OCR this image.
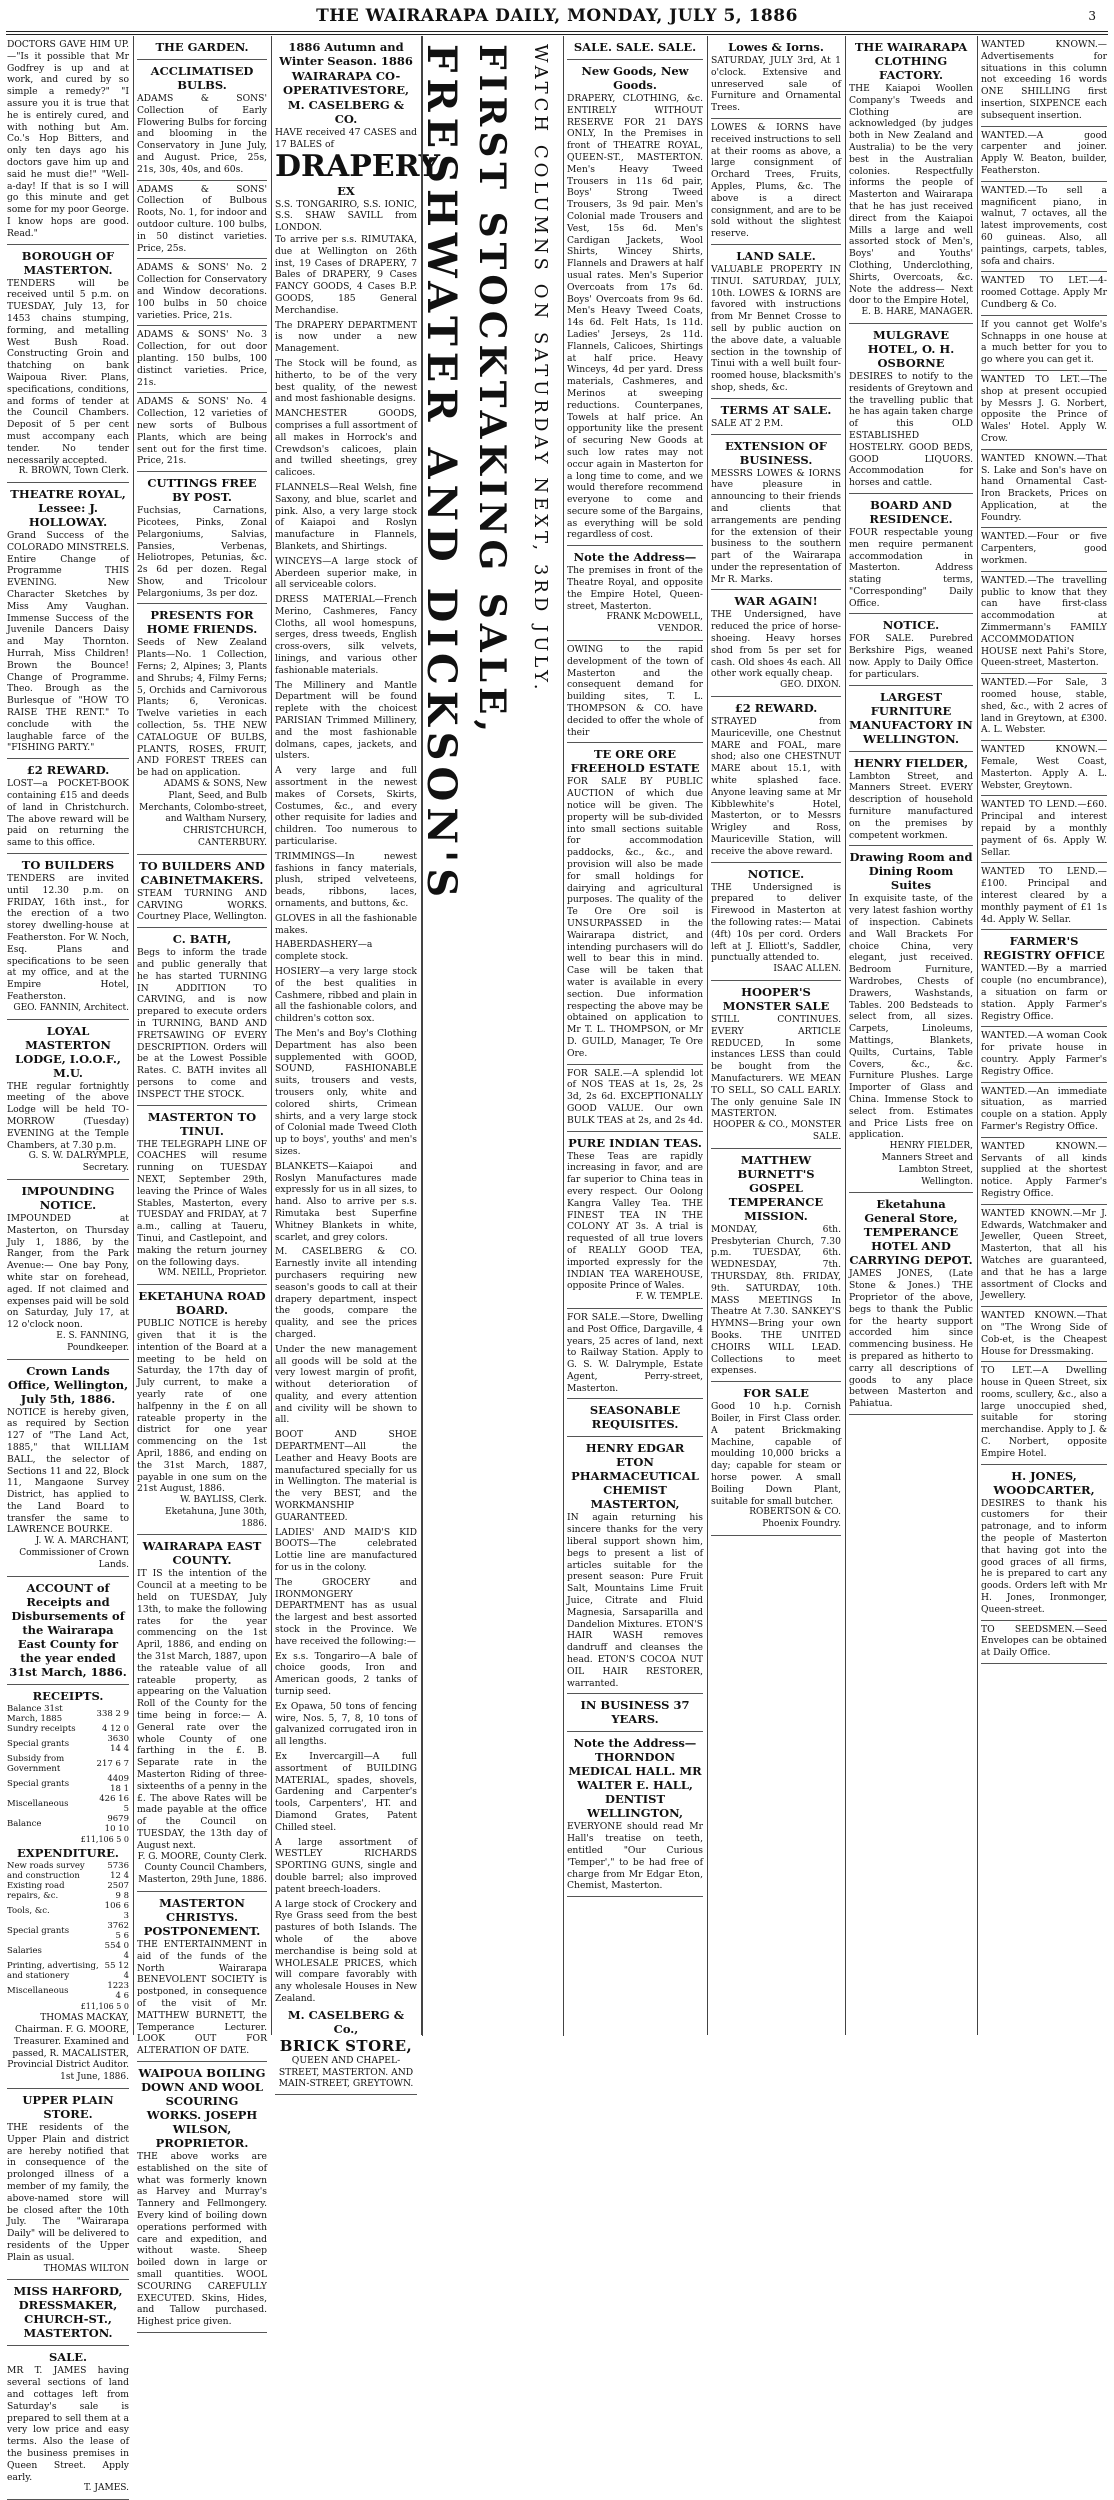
THE WAIRARAPA DAILY, MONDAY, JULY 5, 1886	3

DOCTORS GAVE HIM UP.—"Is it possible that Mr Godfrey is up and at work, and cured by so simple a remedy?" "I assure you it is true that he is entirely cured, and with nothing but Am. Co.'s Hop Bitters, and only ten days ago his doctors gave him up and said he must die!" "Well-a-day! If that is so I will go this minute and get some for my poor George. I know hops are good. Read."

BOROUGH OF MASTERTON.

TENDERS will be received until 5 p.m. on TUESDAY, July 13, for 1453 chains stumping, forming, and metalling West Bush Road. Constructing Groin and thatching on bank Waipoua River. Plans, specifications, conditions, and forms of tender at the Council Chambers. Deposit of 5 per cent must accompany each tender. No tender necessarily accepted.

R. BROWN, Town Clerk.

THEATRE ROYAL, Lessee: J. HOLLOWAY.

Grand Success of the COLORADO MINSTRELS. Entire Change of Programme THIS EVENING. New Character Sketches by Miss Amy Vaughan. Immense Success of the Juvenile Dancers Daisy and May Thornton. Hurrah, Miss Children! Brown the Bounce! Change of Programme. Theo. Brough as the Burlesque of "HOW TO RAISE THE RENT." To conclude with the laughable farce of the "FISHING PARTY."

£2 REWARD.

LOST—a POCKET-BOOK containing £15 and deeds of land in Christchurch. The above reward will be paid on returning the same to this office.

TO BUILDERS

TENDERS are invited until 12.30 p.m. on FRIDAY, 16th inst., for the erection of a two storey dwelling-house at Featherston. For W. Noch, Esq. Plans and specifications to be seen at my office, and at the Empire Hotel, Featherston.

GEO. FANNIN, Architect.

LOYAL MASTERTON LODGE, I.O.O.F., M.U.

THE regular fortnightly meeting of the above Lodge will be held TO-MORROW (Tuesday) EVENING at the Temple Chambers, at 7.30 p.m.

G. S. W. DALRYMPLE, Secretary.

IMPOUNDING NOTICE.

IMPOUNDED at Masterton, on Thursday July 1, 1886, by the Ranger, from the Park Avenue:— One bay Pony, white star on forehead, aged. If not claimed and expenses paid will be sold on Saturday, July 17, at 12 o'clock noon.

E. S. FANNING, Poundkeeper.

Crown Lands Office, Wellington, July 5th, 1886.

NOTICE is hereby given, as required by Section 127 of "The Land Act, 1885," that WILLIAM BALL, the selector of Sections 11 and 22, Block 11, Mangaone Survey District, has applied to the Land Board to transfer the same to LAWRENCE BOURKE.

J. W. A. MARCHANT, Commissioner of Crown Lands.

ACCOUNT of Receipts and Disbursements of the Wairarapa East County for the year ended 31st March, 1886.
RECEIPTS.
Balance 31st March, 1885	338 2 9
Sundry receipts	4 12 0
Special grants	3630 14 4
Subsidy from Government	217 6 7
Special grants	4409 18 1
Miscellaneous	426 16 5
Balance	9679 10 10
£11,106 5 0
EXPENDITURE.
New roads survey and construction	5736 12 4
Existing road repairs, &c.	2507 9 8
Tools, &c.	106 6 3
Special grants	3762 5 6
Salaries	554 0 4
Printing, advertising, and stationery	55 12 4
Miscellaneous	1223 4 6
£11,106 5 0

THOMAS MACKAY, Chairman. F. G. MOORE, Treasurer. Examined and passed, R. MACALISTER, Provincial District Auditor. 1st June, 1886.

UPPER PLAIN STORE.

THE residents of the Upper Plain and district are hereby notified that in consequence of the prolonged illness of a member of my family, the above-named store will be closed after the 10th July. The "Wairarapa Daily" will be delivered to residents of the Upper Plain as usual.

THOMAS WILTON

MISS HARFORD, DRESSMAKER, CHURCH-ST., MASTERTON.
SALE.

MR T. JAMES having several sections of land and cottages left from Saturday's sale is prepared to sell them at a very low price and easy terms. Also the lease of the business premises in Queen Street. Apply early.

T. JAMES.

THE GARDEN.
ACCLIMATISED BULBS.

ADAMS & SONS' Collection of Early Flowering Bulbs for forcing and blooming in the Conservatory in June July, and August. Price, 25s, 21s, 30s, 40s, and 60s.

ADAMS & SONS' Collection of Bulbous Roots, No. 1, for indoor and outdoor culture. 100 bulbs, in 50 distinct varieties. Price, 25s.

ADAMS & SONS' No. 2 Collection for Conservatory and Window decorations. 100 bulbs in 50 choice varieties. Price, 21s.

ADAMS & SONS' No. 3 Collection, for out door planting. 150 bulbs, 100 distinct varieties. Price, 21s.

ADAMS & SONS' No. 4 Collection, 12 varieties of new sorts of Bulbous Plants, which are being sent out for the first time. Price, 21s.

CUTTINGS FREE BY POST.

Fuchsias, Carnations, Picotees, Pinks, Zonal Pelargoniums, Salvias, Pansies, Verbenas, Heliotropes, Petunias, &c. 2s 6d per dozen. Regal Show, and Tricolour Pelargoniums, 3s per doz.

PRESENTS FOR HOME FRIENDS.

Seeds of New Zealand Plants—No. 1 Collection, Ferns; 2, Alpines; 3, Plants and Shrubs; 4, Filmy Ferns; 5, Orchids and Carnivorous Plants; 6, Veronicas. Twelve varieties in each collection, 5s. THE NEW CATALOGUE OF BULBS, PLANTS, ROSES, FRUIT, AND FOREST TREES can be had on application.

ADAMS & SONS, New Plant, Seed, and Bulb Merchants, Colombo-street, and Waltham Nursery, CHRISTCHURCH, CANTERBURY.

TO BUILDERS AND CABINETMAKERS.

STEAM TURNING AND CARVING WORKS. Courtney Place, Wellington.

C. BATH,

Begs to inform the trade and public generally that he has started TURNING IN ADDITION TO CARVING, and is now prepared to execute orders in TURNING, BAND AND FRETSAWING OF EVERY DESCRIPTION. Orders will be at the Lowest Possible Rates. C. BATH invites all persons to come and INSPECT THE STOCK.

MASTERTON TO TINUI.

THE TELEGRAPH LINE OF COACHES will resume running on TUESDAY NEXT, September 29th, leaving the Prince of Wales Stables, Masterton, every TUESDAY and FRIDAY, at 7 a.m., calling at Taueru, Tinui, and Castlepoint, and making the return journey on the following days.

WM. NEILL, Proprietor.

EKETAHUNA ROAD BOARD.

PUBLIC NOTICE is hereby given that it is the intention of the Board at a meeting to be held on Saturday, the 17th day of July current, to make a yearly rate of one halfpenny in the £ on all rateable property in the district for one year commencing on the 1st April, 1886, and ending on the 31st March, 1887, payable in one sum on the 21st August, 1886.

W. BAYLISS, Clerk. Eketahuna, June 30th, 1886.

WAIRARAPA EAST COUNTY.

IT IS the intention of the Council at a meeting to be held on TUESDAY, July 13th, to make the following rates for the year commencing on the 1st April, 1886, and ending on the 31st March, 1887, upon the rateable value of all rateable property, as appearing on the Valuation Roll of the County for the time being in force:— A. General rate over the whole County of one farthing in the £. B. Separate rate in the Masterton Riding of three-sixteenths of a penny in the £. The above Rates will be made payable at the office of the Council on TUESDAY, the 13th day of August next.

F. G. MOORE, County Clerk. County Council Chambers, Masterton, 29th June, 1886.

MASTERTON CHRISTYS. POSTPONEMENT.

THE ENTERTAINMENT in aid of the funds of the North Wairarapa BENEVOLENT SOCIETY is postponed, in consequence of the visit of Mr. MATTHEW BURNETT, the Temperance Lecturer. LOOK OUT FOR ALTERATION OF DATE.

WAIPOUA BOILING DOWN AND WOOL SCOURING WORKS. JOSEPH WILSON, PROPRIETOR.

THE above works are established on the site of what was formerly known as Harvey and Murray's Tannery and Fellmongery. Every kind of boiling down operations performed with care and expedition, and without waste. Sheep boiled down in large or small quantities. WOOL SCOURING CAREFULLY EXECUTED. Skins, Hides, and Tallow purchased. Highest price given.

1886 Autumn and Winter Season. 1886
WAIRARAPA CO-OPERATIVESTORE,
M. CASELBERG & CO.

HAVE received 47 CASES and 17 BALES of

DRAPERY
EX

S.S. TONGARIRO, S.S. IONIC, S.S. SHAW SAVILL from LONDON.

To arrive per s.s. RIMUTAKA, due at Wellington on 26th inst, 19 Cases of DRAPERY, 7 Bales of DRAPERY, 9 Cases FANCY GOODS, 4 Cases B.P. GOODS, 185 General Merchandise.

The DRAPERY DEPARTMENT is now under a new Management.

The Stock will be found, as hitherto, to be of the very best quality, of the newest and most fashionable designs.

MANCHESTER GOODS, comprises a full assortment of all makes in Horrock's and Crewdson's calicoes, plain and twilled sheetings, grey calicoes.

FLANNELS—Real Welsh, fine Saxony, and blue, scarlet and pink. Also, a very large stock of Kaiapoi and Roslyn manufacture in Flannels, Blankets, and Shirtings.

WINCEYS—A large stock of Aberdeen superior make, in all serviceable colors.

DRESS MATERIAL—French Merino, Cashmeres, Fancy Cloths, all wool homespuns, serges, dress tweeds, English cross-overs, silk velvets, linings, and various other fashionable materials.

The Millinery and Mantle Department will be found replete with the choicest PARISIAN Trimmed Millinery, and the most fashionable dolmans, capes, jackets, and ulsters.

A very large and full assortment in the newest makes of Corsets, Skirts, Costumes, &c., and every other requisite for ladies and children. Too numerous to particularise.

TRIMMINGS—In newest fashions in fancy materials, plush, striped velveteens, beads, ribbons, laces, ornaments, and buttons, &c.

GLOVES in all the fashionable makes.

HABERDASHERY—a complete stock.

HOSIERY—a very large stock of the best qualities in Cashmere, ribbed and plain in all the fashionable colors, and children's cotton sox.

The Men's and Boy's Clothing Department has also been supplemented with GOOD, SOUND, FASHIONABLE suits, trousers and vests, trousers only, white and colored shirts, Crimean shirts, and a very large stock of Colonial made Tweed Cloth up to boys', youths' and men's sizes.

BLANKETS—Kaiapoi and Roslyn Manufactures made expressly for us in all sizes, to hand. Also to arrive per s.s. Rimutaka best Superfine Whitney Blankets in white, scarlet, and grey colors.

M. CASELBERG & CO. Earnestly invite all intending purchasers requiring new season's goods to call at their drapery department, inspect the goods, compare the quality, and see the prices charged.

Under the new management all goods will be sold at the very lowest margin of profit, without deterioration of quality, and every attention and civility will be shown to all.

BOOT AND SHOE DEPARTMENT—All the Leather and Heavy Boots are manufactured specially for us in Wellington. The material is the very BEST, and the WORKMANSHIP GUARANTEED.

LADIES' AND MAID'S KID BOOTS—The celebrated Lottie line are manufactured for us in the colony.

The GROCERY and IRONMONGERY DEPARTMENT has as usual the largest and best assorted stock in the Province. We have received the following:—

Ex s.s. Tongariro—A bale of choice goods, Iron and American goods, 2 tanks of turnip seed.

Ex Opawa, 50 tons of fencing wire, Nos. 5, 7, 8, 10 tons of galvanized corrugated iron in all lengths.

Ex Invercargill—A full assortment of BUILDING MATERIAL, spades, shovels, Gardening and Carpenter's tools, Carpenters', HT. and Diamond Grates, Patent Chilled steel.

A large assortment of WESTLEY RICHARDS SPORTING GUNS, single and double barrel; also improved patent breech-loaders.

A large stock of Crockery and Rye Grass seed from the best pastures of both Islands. The whole of the above merchandise is being sold at WHOLESALE PRICES, which will compare favorably with any wholesale Houses in New Zealand.

M. CASELBERG & Co.,
BRICK STORE,

QUEEN AND CHAPEL-STREET, MASTERTON. AND MAIN-STREET, GREYTOWN.

FRESHWATER AND DICKSON'S FIRST STOCKTAKING SALE, WATCH COLUMNS ON SATURDAY NEXT, 3RD JULY.	SALE. SALE. SALE.
New Goods, New Goods.

DRAPERY, CLOTHING, &c. ENTIRELY WITHOUT RESERVE FOR 21 DAYS ONLY, In the Premises in front of THEATRE ROYAL, QUEEN-ST., MASTERTON. Men's Heavy Tweed Trousers in 11s 6d pair, Boys' Strong Tweed Trousers, 3s 9d pair. Men's Colonial made Trousers and Vest, 15s 6d. Men's Cardigan Jackets, Wool Shirts, Wincey Shirts, Flannels and Drawers at half usual rates. Men's Superior Overcoats from 17s 6d. Boys' Overcoats from 9s 6d. Men's Heavy Tweed Coats, 14s 6d. Felt Hats, 1s 11d. Ladies' Jerseys, 2s 11d. Flannels, Calicoes, Shirtings at half price. Heavy Winceys, 4d per yard. Dress materials, Cashmeres, and Merinos at sweeping reductions. Counterpanes, Towels at half price. An opportunity like the present of securing New Goods at such low rates may not occur again in Masterton for a long time to come, and we would therefore recommend everyone to come and secure some of the Bargains, as everything will be sold regardless of cost.

Note the Address—

The premises in front of the Theatre Royal, and opposite the Empire Hotel, Queen-street, Masterton.

FRANK McDOWELL, VENDOR.

OWING to the rapid development of the town of Masterton and the consequent demand for building sites, T. L. THOMPSON & CO. have decided to offer the whole of their

TE ORE ORE FREEHOLD ESTATE

FOR SALE BY PUBLIC AUCTION of which due notice will be given. The property will be sub-divided into small sections suitable for accommodation paddocks, &c., &c., and provision will also be made for small holdings for dairying and agricultural purposes. The quality of the Te Ore Ore soil is UNSURPASSED in the Wairarapa district, and intending purchasers will do well to bear this in mind. Case will be taken that water is available in every section. Due information respecting the above may be obtained on application to Mr T. L. THOMPSON, or Mr D. GUILD, Manager, Te Ore Ore.

FOR SALE.—A splendid lot of NOS TEAS at 1s, 2s, 2s 3d, 2s 6d. EXCEPTIONALLY GOOD VALUE. Our own BULK TEAS at 2s, and 2s 4d.

PURE INDIAN TEAS.

These Teas are rapidly increasing in favor, and are far superior to China teas in every respect. Our Oolong Kangra Valley Tea. THE FINEST TEA IN THE COLONY AT 3s. A trial is requested of all true lovers of REALLY GOOD TEA, imported expressly for the INDIAN TEA WAREHOUSE, opposite Prince of Wales.

F. W. TEMPLE.

FOR SALE.—Store, Dwelling and Post Office, Dargaville, 4 years, 25 acres of land, next to Railway Station. Apply to G. S. W. Dalrymple, Estate Agent, Perry-street, Masterton.

SEASONABLE REQUISITES.
HENRY EDGAR ETON PHARMACEUTICAL CHEMIST MASTERTON,

IN again returning his sincere thanks for the very liberal support shown him, begs to present a list of articles suitable for the present season: Pure Fruit Salt, Mountains Lime Fruit Juice, Citrate and Fluid Magnesia, Sarsaparilla and Dandelion Mixtures. ETON'S HAIR WASH removes dandruff and cleanses the head. ETON'S COCOA NUT OIL HAIR RESTORER, warranted.

IN BUSINESS 37 YEARS.
Note the Address— THORNDON MEDICAL HALL. MR WALTER E. HALL, DENTIST WELLINGTON,

EVERYONE should read Mr Hall's treatise on teeth, entitled "Our Curious 'Temper'," to be had free of charge from Mr Edgar Eton, Chemist, Masterton.

Lowes & Iorns.

SATURDAY, JULY 3rd, At 1 o'clock. Extensive and unreserved sale of Furniture and Ornamental Trees.

LOWES & IORNS have received instructions to sell at their rooms as above, a large consignment of Orchard Trees, Fruits, Apples, Plums, &c. The above is a direct consignment, and are to be sold without the slightest reserve.

LAND SALE.

VALUABLE PROPERTY IN TINUI. SATURDAY, JULY, 10th. LOWES & IORNS are favored with instructions from Mr Bennet Crosse to sell by public auction on the above date, a valuable section in the township of Tinui with a well built four-roomed house, blacksmith's shop, sheds, &c.

TERMS AT SALE.

SALE AT 2 P.M.

EXTENSION OF BUSINESS.

MESSRS LOWES & IORNS have pleasure in announcing to their friends and clients that arrangements are pending for the extension of their business to the southern part of the Wairarapa under the representation of Mr R. Marks.

WAR AGAIN!

THE Undersigned, have reduced the price of horse-shoeing. Heavy horses shod from 5s per set for cash. Old shoes 4s each. All other work equally cheap.

GEO. DIXON.

£2 REWARD.

STRAYED from Mauriceville, one Chestnut MARE and FOAL, mare shod; also one CHESTNUT MARE about 15.1, with white splashed face. Anyone leaving same at Mr Kibblewhite's Hotel, Masterton, or to Messrs Wrigley and Ross, Mauriceville Station, will receive the above reward.

NOTICE.

THE Undersigned is prepared to deliver Firewood in Masterton at the following rates:— Matai (4ft) 10s per cord. Orders left at J. Elliott's, Saddler, punctually attended to.

ISAAC ALLEN.

HOOPER'S MONSTER SALE

STILL CONTINUES. EVERY ARTICLE REDUCED, In some instances LESS than could be bought from the Manufacturers. WE MEAN TO SELL, SO CALL EARLY. The only genuine Sale IN MASTERTON.

HOOPER & CO., MONSTER SALE.

MATTHEW BURNETT'S GOSPEL TEMPERANCE MISSION.

MONDAY, 6th. Presbyterian Church, 7.30 p.m. TUESDAY, 6th. WEDNESDAY, 7th. THURSDAY, 8th. FRIDAY, 9th. SATURDAY, 10th. MASS MEETINGS In Theatre At 7.30. SANKEY'S HYMNS—Bring your own Books. THE UNITED CHOIRS WILL LEAD. Collections to meet expenses.

FOR SALE

Good 10 h.p. Cornish Boiler, in First Class order. A patent Brickmaking Machine, capable of moulding 10,000 bricks a day; capable for steam or horse power. A small Boiling Down Plant, suitable for small butcher.

ROBERTSON & CO. Phoenix Foundry.

THE WAIRARAPA CLOTHING FACTORY.

THE Kaiapoi Woollen Company's Tweeds and Clothing are acknowledged (by judges both in New Zealand and Australia) to be the very best in the Australian colonies. Respectfully informs the people of Masterton and Wairarapa that he has just received direct from the Kaiapoi Mills a large and well assorted stock of Men's, Boys' and Youths' Clothing, Underclothing, Shirts, Overcoats, &c. Note the address— Next door to the Empire Hotel,

E. B. HARE, MANAGER.

MULGRAVE HOTEL, O. H. OSBORNE

DESIRES to notify to the residents of Greytown and the travelling public that he has again taken charge of this OLD ESTABLISHED HOSTELRY. GOOD BEDS, GOOD LIQUORS. Accommodation for horses and cattle.

BOARD AND RESIDENCE.

FOUR respectable young men require permanent accommodation in Masterton. Address stating terms, "Corresponding" Daily Office.

NOTICE.

FOR SALE. Purebred Berkshire Pigs, weaned now. Apply to Daily Office for particulars.

LARGEST FURNITURE MANUFACTORY IN WELLINGTON.
HENRY FIELDER,

Lambton Street, and Manners Street. EVERY description of household furniture manufactured on the premises by competent workmen.

Drawing Room and Dining Room Suites

In exquisite taste, of the very latest fashion worthy of inspection. Cabinets and Wall Brackets For choice China, very elegant, just received. Bedroom Furniture, Wardrobes, Chests of Drawers, Washstands, Tables. 200 Bedsteads to select from, all sizes. Carpets, Linoleums, Mattings, Blankets, Quilts, Curtains, Table Covers, &c., &c. Furniture Plushes. Large Importer of Glass and China. Immense Stock to select from. Estimates and Price Lists free on application.

HENRY FIELDER, Manners Street and Lambton Street, Wellington.

Eketahuna General Store, TEMPERANCE HOTEL AND CARRYING DEPOT.

JAMES JONES, (Late Stone & Jones.) THE Proprietor of the above, begs to thank the Public for the hearty support accorded him since commencing business. He is prepared as hitherto to carry all descriptions of goods to any place between Masterton and Pahiatua.

WANTED KNOWN.—Advertisements for situations in this column not exceeding 16 words ONE SHILLING first insertion, SIXPENCE each subsequent insertion.

WANTED.—A good carpenter and joiner. Apply W. Beaton, builder, Featherston.

WANTED.—To sell a magnificent piano, in walnut, 7 octaves, all the latest improvements, cost 60 guineas. Also, all paintings, carpets, tables, sofa and chairs.

WANTED TO LET.—4-roomed Cottage. Apply Mr Cundberg & Co.

If you cannot get Wolfe's Schnapps in one house at a much better for you to go where you can get it.

WANTED TO LET.—The shop at present occupied by Messrs J. G. Norbert, opposite the Prince of Wales' Hotel. Apply W. Crow.

WANTED KNOWN.—That S. Lake and Son's have on hand Ornamental Cast-Iron Brackets, Prices on Application, at the Foundry.

WANTED.—Four or five Carpenters, good workmen.

WANTED.—The travelling public to know that they can have first-class accommodation at Zimmermann's FAMILY ACCOMMODATION HOUSE next Pahi's Store, Queen-street, Masterton.

WANTED.—For Sale, 3 roomed house, stable, shed, &c., with 2 acres of land in Greytown, at £300. A. L. Webster.

WANTED KNOWN.—Female, West Coast, Masterton. Apply A. L. Webster, Greytown.

WANTED TO LEND.—£60. Principal and interest repaid by a monthly payment of 6s. Apply W. Sellar.

WANTED TO LEND.—£100. Principal and interest cleared by a monthly payment of £1 1s 4d. Apply W. Sellar.

FARMER'S REGISTRY OFFICE

WANTED.—By a married couple (no encumbrance), a situation on farm or station. Apply Farmer's Registry Office.

WANTED.—A woman Cook for private house in country. Apply Farmer's Registry Office.

WANTED.—An immediate situation, as married couple on a station. Apply Farmer's Registry Office.

WANTED KNOWN.—Servants of all kinds supplied at the shortest notice. Apply Farmer's Registry Office.

WANTED KNOWN.—Mr J. Edwards, Watchmaker and Jeweller, Queen Street, Masterton, that all his Watches are guaranteed, and that he has a large assortment of Clocks and Jewellery.

WANTED KNOWN.—That on "The Wrong Side of Cob-et, is the Cheapest House for Dressmaking.

TO LET.—A Dwelling house in Queen Street, six rooms, scullery, &c., also a large unoccupied shed, suitable for storing merchandise. Apply to J. & C. Norbert, opposite Empire Hotel.

H. JONES, WOODCARTER,

DESIRES to thank his customers for their patronage, and to inform the people of Masterton that having got into the good graces of all firms, he is prepared to cart any goods. Orders left with Mr H. Jones, Ironmonger, Queen-street.

TO SEEDSMEN.—Seed Envelopes can be obtained at Daily Office.
